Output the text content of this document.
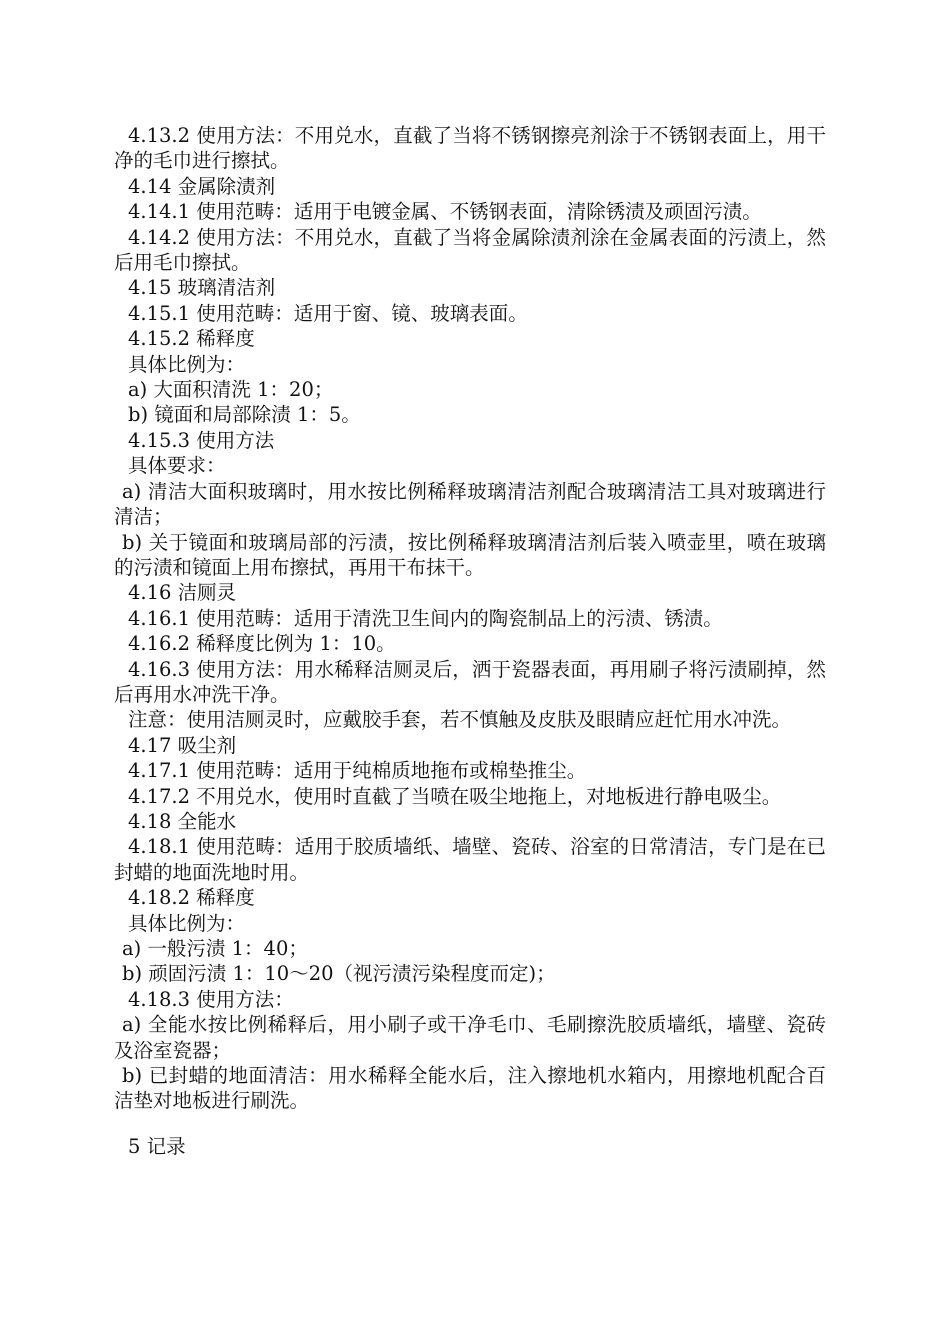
4.13.2 使用方法：不用兑水，直截了当将不锈钢擦亮剂涂于不锈钢表面上，用干净的毛巾进行擦拭。
4.14 金属除渍剂
4.14.1 使用范畴：适用于电镀金属、不锈钢表面，清除锈渍及顽固污渍。
4.14.2 使用方法：不用兑水，直截了当将金属除渍剂涂在金属表面的污渍上，然后用毛巾擦拭。
4.15 玻璃清洁剂
4.15.1 使用范畴：适用于窗、镜、玻璃表面。
4.15.2 稀释度
具体比例为：
a) 大面积清洗 1：20；
b) 镜面和局部除渍 1：5。
4.15.3 使用方法
具体要求：
a) 清洁大面积玻璃时，用水按比例稀释玻璃清洁剂配合玻璃清洁工具对玻璃进行清洁；
b) 关于镜面和玻璃局部的污渍，按比例稀释玻璃清洁剂后装入喷壶里，喷在玻璃的污渍和镜面上用布擦拭，再用干布抹干。
4.16 洁厕灵
4.16.1 使用范畴：适用于清洗卫生间内的陶瓷制品上的污渍、锈渍。
4.16.2 稀释度比例为 1：10。
4.16.3 使用方法：用水稀释洁厕灵后，洒于瓷器表面，再用刷子将污渍刷掉，然后再用水冲洗干净。
注意：使用洁厕灵时，应戴胶手套，若不慎触及皮肤及眼睛应赶忙用水冲洗。
4.17 吸尘剂
4.17.1 使用范畴：适用于纯棉质地拖布或棉垫推尘。
4.17.2 不用兑水，使用时直截了当喷在吸尘地拖上，对地板进行静电吸尘。
4.18 全能水
4.18.1 使用范畴：适用于胶质墙纸、墙壁、瓷砖、浴室的日常清洁，专门是在已封蜡的地面洗地时用。
4.18.2 稀释度
具体比例为：
a) 一般污渍 1：40；
b) 顽固污渍 1：10～20（视污渍污染程度而定)；
4.18.3 使用方法：
a) 全能水按比例稀释后，用小刷子或干净毛巾、毛刷擦洗胶质墙纸，墙壁、瓷砖及浴室瓷器；
b) 已封蜡的地面清洁：用水稀释全能水后，注入擦地机水箱内，用擦地机配合百洁垫对地板进行刷洗。
5 记录
